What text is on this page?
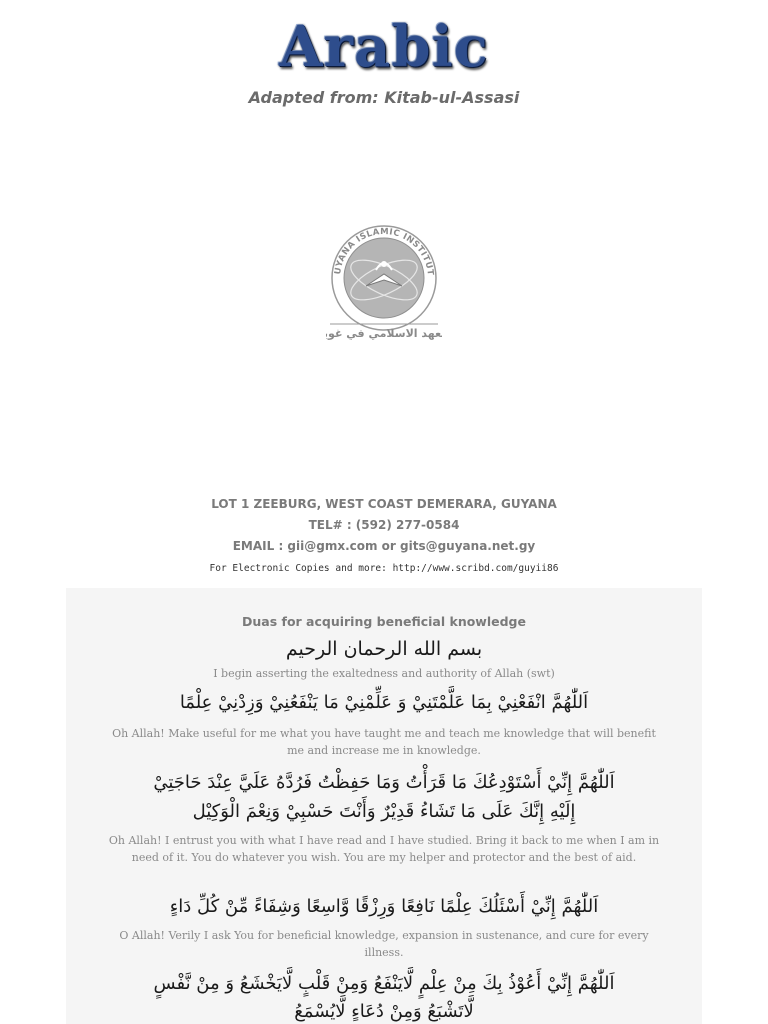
Arabic
Adapted from: Kitab-ul-Assasi
UYANA ISLAMIC INSTITUT
عهد الاسلامي في غو
LOT 1 ZEEBURG, WEST COAST DEMERARA, GUYANA
TEL# : (592) 277-0584
EMAIL : gii@gmx.com or gits@guyana.net.gy
For Electronic Copies and more: http://www.scribd.com/guyii86
Duas for acquiring beneficial knowledge
بسم الله الرحمان الرحيم
I begin asserting the exaltedness and authority of Allah (swt)
اَللّٰهُمَّ انْفَعْنِيْ بِمَا عَلَّمْتَنِيْ وَ عَلِّمْنِيْ مَا يَنْفَعُنِيْ وَزِدْنِيْ عِلْمًا
Oh Allah! Make useful for me what you have taught me and teach me knowledge that will benefit me and increase me in knowledge.
اَللّٰهُمَّ إِنِّيْ أَسْتَوْدِعُكَ مَا قَرَأْتُ وَمَا حَفِظْتُ فَرُدَّهُ عَلَيَّ عِنْدَ حَاجَتِيْ
إِلَيْهِ إِنَّكَ عَلَى مَا تَشَاءُ قَدِيْرٌ وَأَنْتَ حَسْبِيْ وَنِعْمَ الْوَكِيْل
Oh Allah! I entrust you with what I have read and I have studied. Bring it back to me when I am in need of it. You do whatever you wish. You are my helper and protector and the best of aid.
اَللّٰهُمَّ إِنِّيْ أَسْئَلُكَ عِلْمًا نَافِعًا وَرِزْقًا وَّاسِعًا وَشِفَاءً مِّنْ كُلِّ دَاءٍ
O Allah! Verily I ask You for beneficial knowledge, expansion in sustenance, and cure for every illness.
اَللّٰهُمَّ إِنِّيْ أَعُوْذُ بِكَ مِنْ عِلْمٍ لَّايَنْفَعُ وَمِنْ قَلْبٍ لَّايَخْشَعُ وَ مِنْ نَّفْسٍ
لَّاتَشْبَعُ وَمِنْ دُعَاءٍ لَّايُسْمَعُ
